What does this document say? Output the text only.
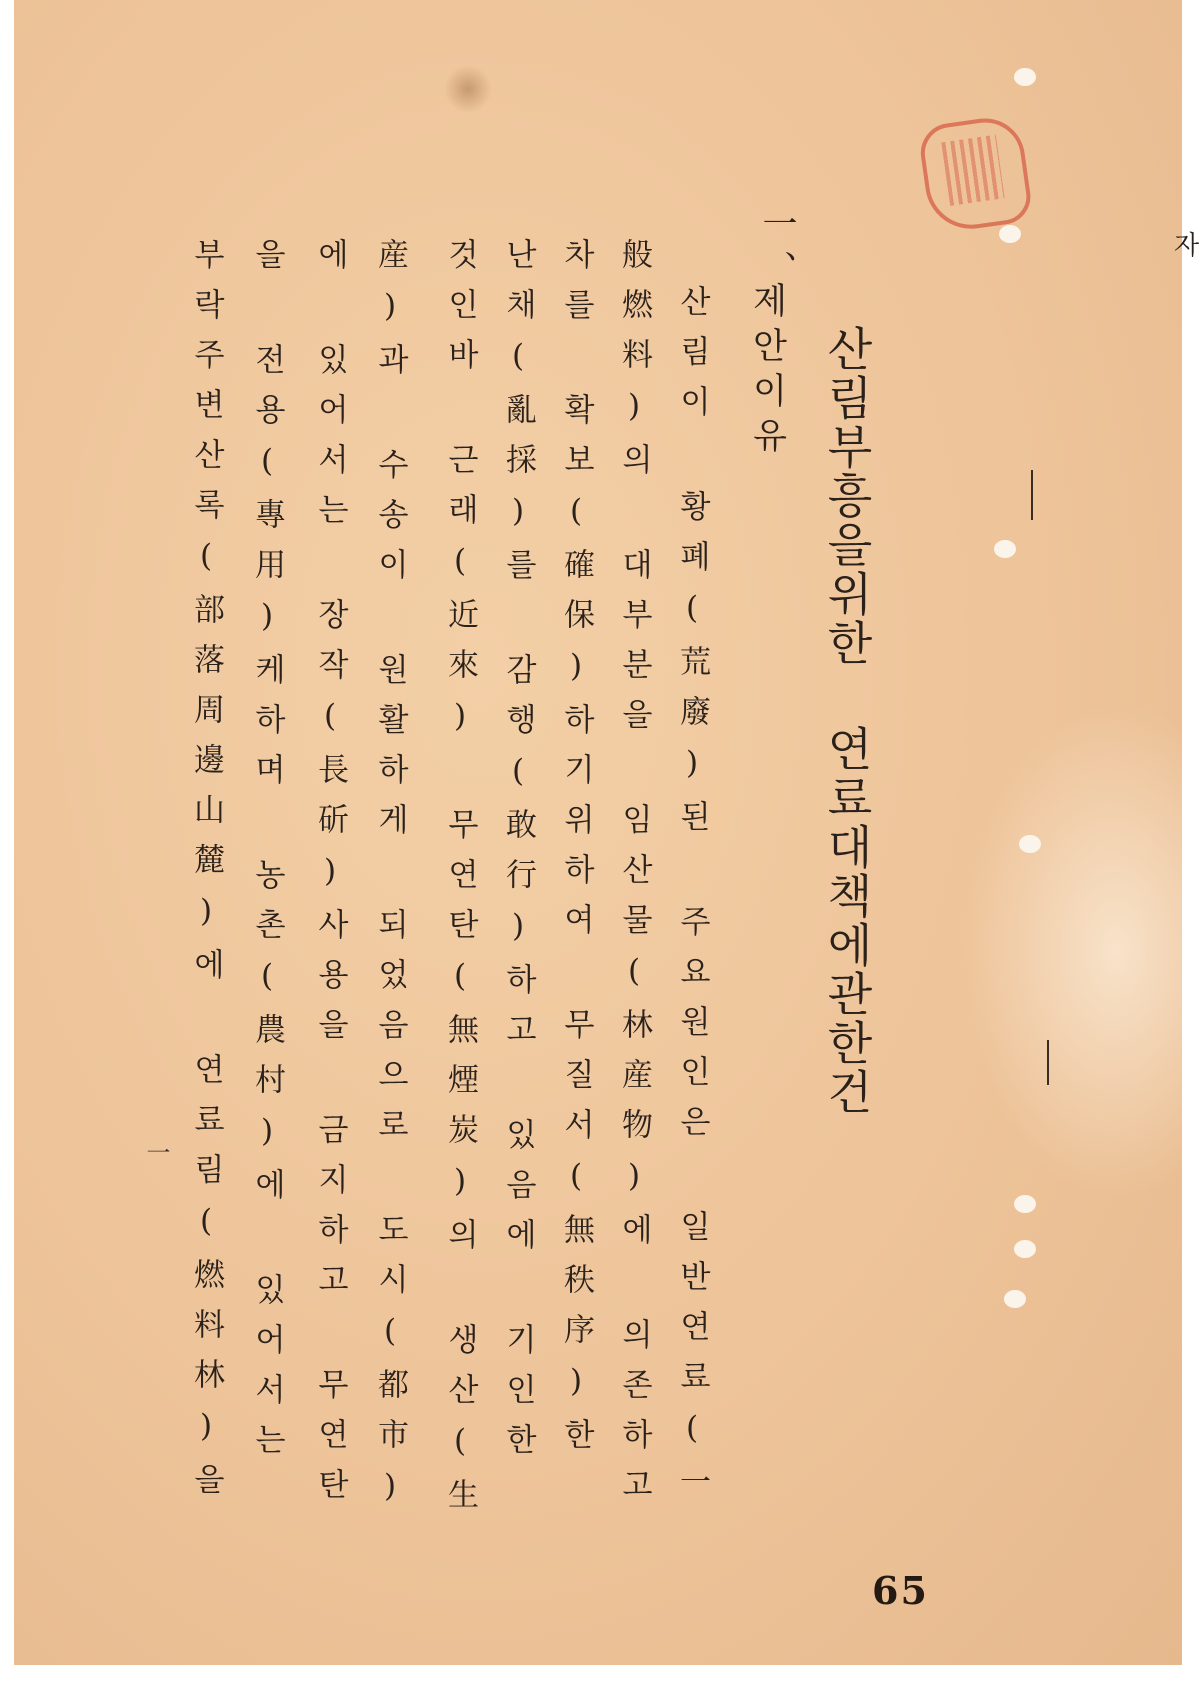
산림부흥을위한 연료대책에관한건
一、
제안이유
산림이 황폐(荒廢)된 주요원인은 일반연료(一
般燃料)의 대부분을 임산물(林産物)에 의존하고
차를 확보(確保)하기위하여 무질서(無秩序)한
난채(亂採)를 감행(敢行)하고 있음에 기인한
것인바 근래(近來) 무연탄(無煙炭)의 생산(生
産)과 수송이 원활하게 되었음으로 도시(都市)
에 있어서는 장작(長斫)사용을 금지하고 무연탄
을 전용(專用)케하며 농촌(農村)에 있어서는
부락주변산록(部落周邊山麓)에 연료림(燃料林)을
一
자
65
